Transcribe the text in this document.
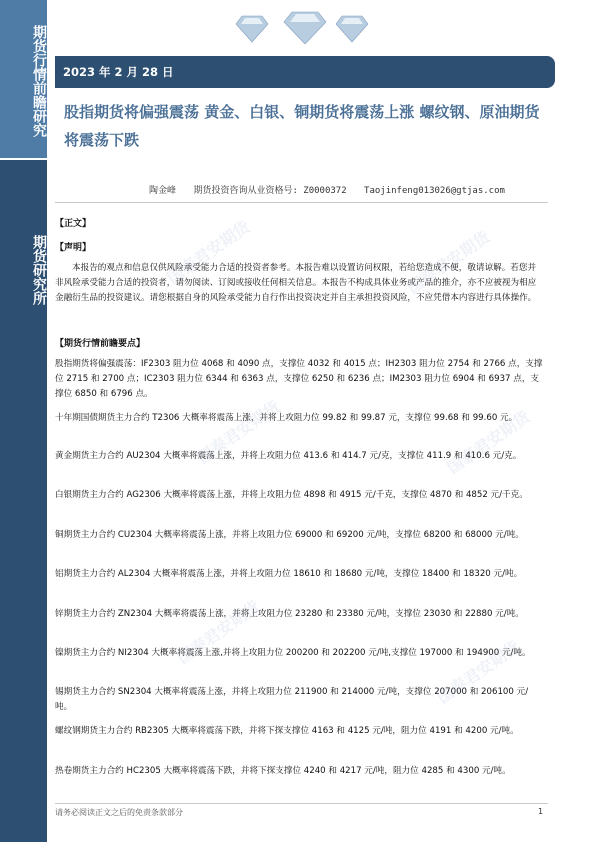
期货行情前瞻研究
期货研究所
2023 年 2 月 28 日
股指期货将偏强震荡 黄金、白银、铜期货将震荡上涨 螺纹钢、原油期货将震荡下跌
陶金峰 期货投资咨询从业资格号: Z0000372 Taojinfeng013026@gtjas.com
【正文】
【声明】
本报告的观点和信息仅供风险承受能力合适的投资者参考。本报告难以设置访问权限，若给您造成不便，敬请谅解。若您并非风险承受能力合适的投资者，请勿阅读、订阅或接收任何相关信息。本报告不构成具体业务或产品的推介，亦不应被视为相应金融衍生品的投资建议。请您根据自身的风险承受能力自行作出投资决定并自主承担投资风险，不应凭借本内容进行具体操作。
【期货行情前瞻要点】
股指期货将偏强震荡：IF2303 阻力位 4068 和 4090 点，支撑位 4032 和 4015 点；IH2303 阻力位 2754 和 2766 点，支撑位 2715 和 2700 点；IC2303 阻力位 6344 和 6363 点，支撑位 6250 和 6236 点；IM2303 阻力位 6904 和 6937 点，支撑位 6850 和 6796 点。
十年期国债期货主力合约 T2306 大概率将震荡上涨，并将上攻阻力位 99.82 和 99.87 元，支撑位 99.68 和 99.60 元。
黄金期货主力合约 AU2304 大概率将震荡上涨，并将上攻阻力位 413.6 和 414.7 元/克，支撑位 411.9 和 410.6 元/克。
白银期货主力合约 AG2306 大概率将震荡上涨，并将上攻阻力位 4898 和 4915 元/千克，支撑位 4870 和 4852 元/千克。
铜期货主力合约 CU2304 大概率将震荡上涨，并将上攻阻力位 69000 和 69200 元/吨，支撑位 68200 和 68000 元/吨。
铝期货主力合约 AL2304 大概率将震荡上涨，并将上攻阻力位 18610 和 18680 元/吨，支撑位 18400 和 18320 元/吨。
锌期货主力合约 ZN2304 大概率将震荡上涨，并将上攻阻力位 23280 和 23380 元/吨，支撑位 23030 和 22880 元/吨。
镍期货主力合约 NI2304 大概率将震荡上涨,并将上攻阻力位 200200 和 202200 元/吨,支撑位 197000 和 194900 元/吨。
锡期货主力合约 SN2304 大概率将震荡上涨，并将上攻阻力位 211900 和 214000 元/吨，支撑位 207000 和 206100 元/吨。
螺纹钢期货主力合约 RB2305 大概率将震荡下跌，并将下探支撑位 4163 和 4125 元/吨，阻力位 4191 和 4200 元/吨。
热卷期货主力合约 HC2305 大概率将震荡下跌，并将下探支撑位 4240 和 4217 元/吨，阻力位 4285 和 4300 元/吨。
国泰君安期货	国泰君安期货
国泰君安期货	国泰君安期货
国泰君安期货
国泰君安期货
请务必阅读正文之后的免责条款部分	1
